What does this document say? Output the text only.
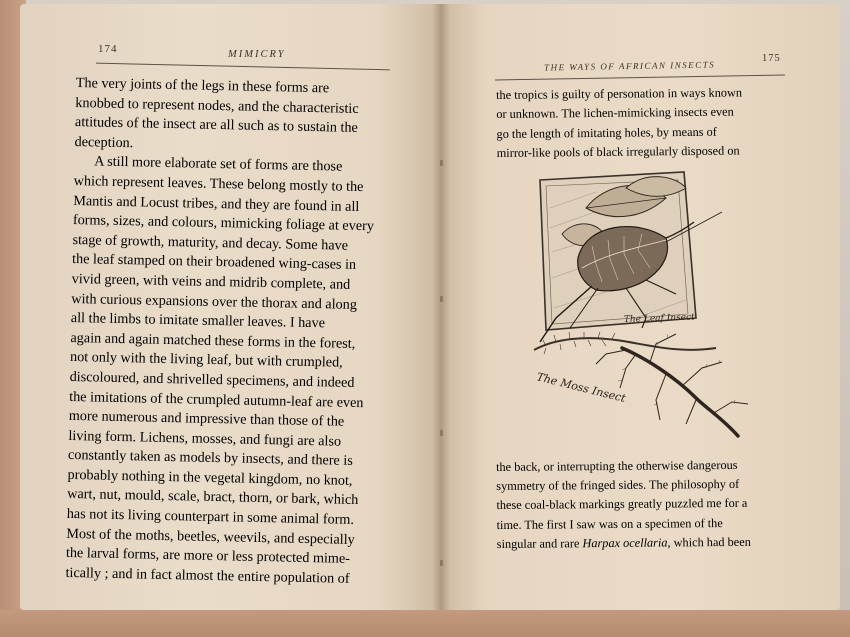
174	MIMICRY
The very joints of the legs in these forms are
knobbed to represent nodes, and the characteristic
attitudes of the insect are all such as to sustain the
deception.
A still more elaborate set of forms are those
which represent leaves. These belong mostly to the
Mantis and Locust tribes, and they are found in all
forms, sizes, and colours, mimicking foliage at every
stage of growth, maturity, and decay. Some have
the leaf stamped on their broadened wing-cases in
vivid green, with veins and midrib complete, and
with curious expansions over the thorax and along
all the limbs to imitate smaller leaves. I have
again and again matched these forms in the forest,
not only with the living leaf, but with crumpled,
discoloured, and shrivelled specimens, and indeed
the imitations of the crumpled autumn-leaf are even
more numerous and impressive than those of the
living form. Lichens, mosses, and fungi are also
constantly taken as models by insects, and there is
probably nothing in the vegetal kingdom, no knot,
wart, nut, mould, scale, bract, thorn, or bark, which
has not its living counterpart in some animal form.
Most of the moths, beetles, weevils, and especially
the larval forms, are more or less protected mime-
tically ; and in fact almost the entire population of
THE WAYS OF AFRICAN INSECTS
175
the tropics is guilty of personation in ways known
or unknown. The lichen-mimicking insects even
go the length of imitating holes, by means of
mirror-like pools of black irregularly disposed on
The Leaf Insect
The Moss Insect
the back, or interrupting the otherwise dangerous
symmetry of the fringed sides. The philosophy of
these coal-black markings greatly puzzled me for a
time. The first I saw was on a specimen of the
singular and rare Harpax ocellaria, which had been
